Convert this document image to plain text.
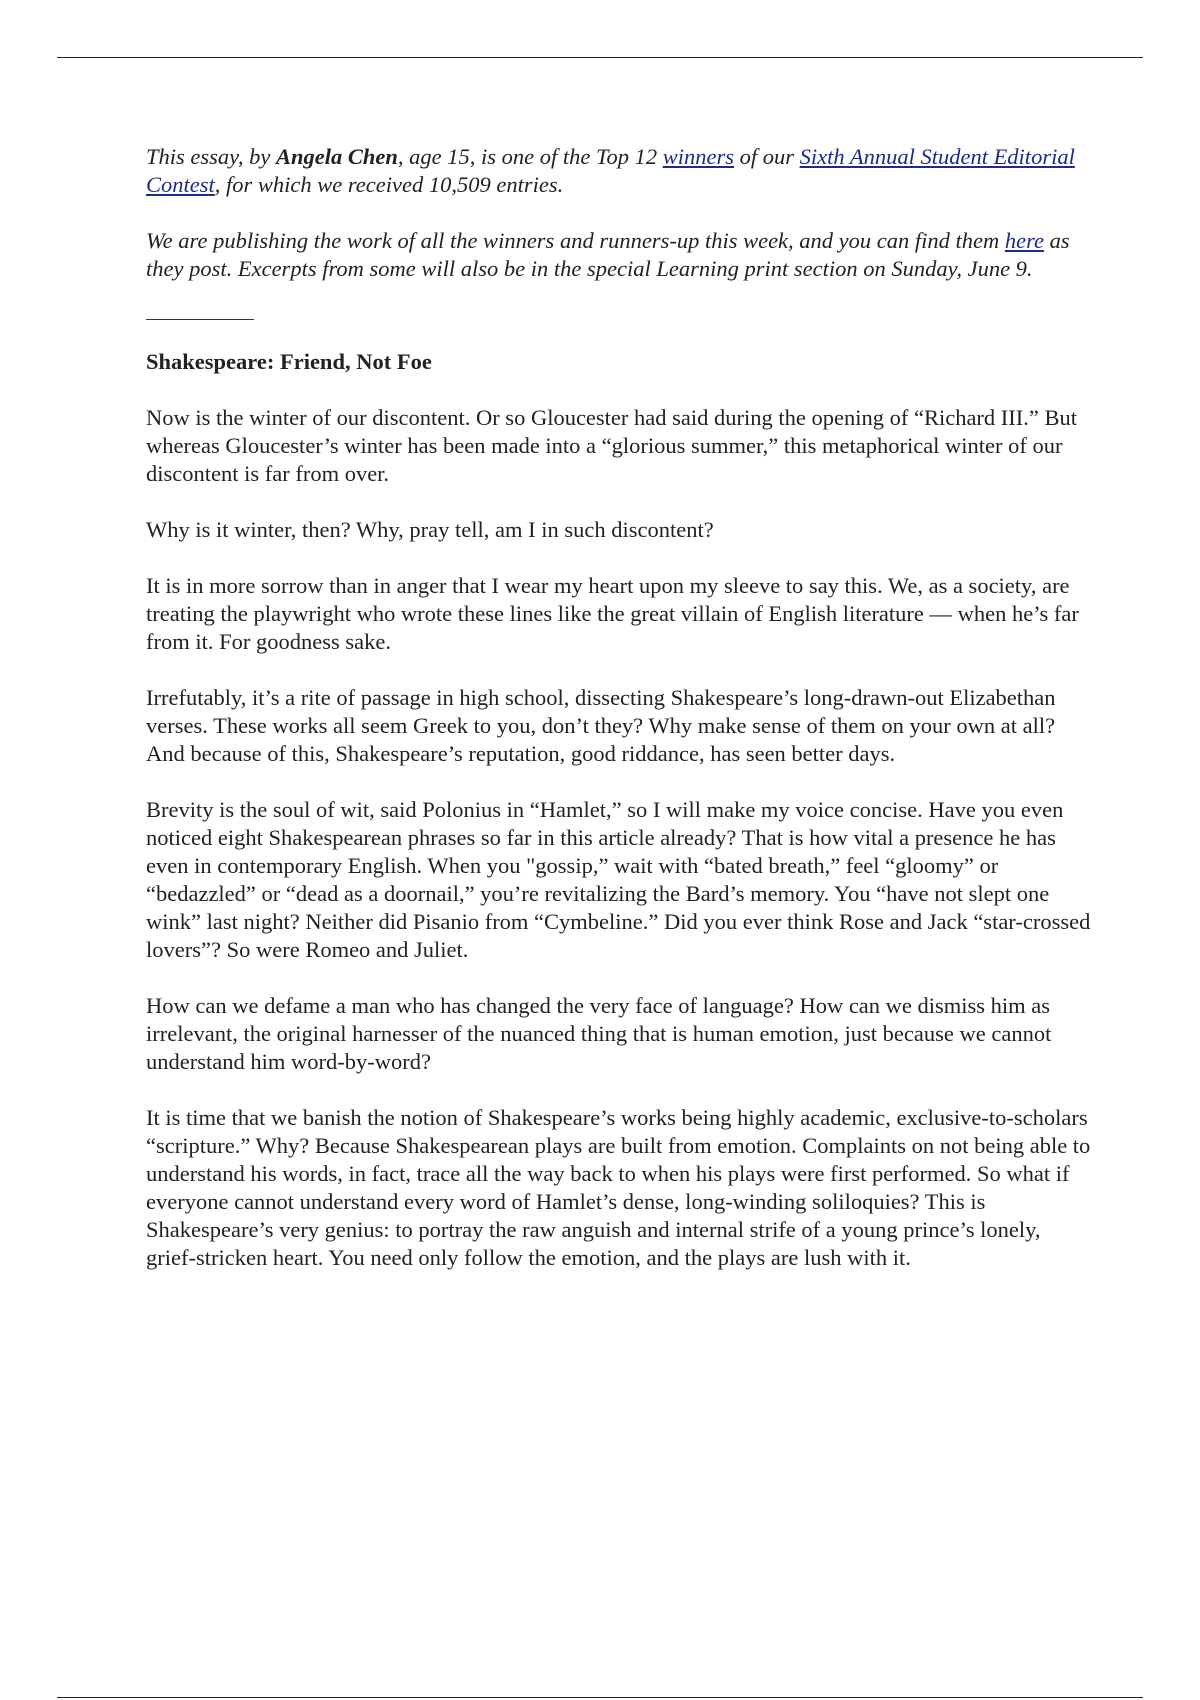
This essay, by Angela Chen, age 15, is one of the Top 12 winners of our Sixth Annual Student Editorial Contest, for which we received 10,509 entries.

We are publishing the work of all the winners and runners-up this week, and you can find them here as they post. Excerpts from some will also be in the special Learning print section on Sunday, June 9.

Shakespeare: Friend, Not Foe

Now is the winter of our discontent. Or so Gloucester had said during the opening of “Richard III.” But whereas Gloucester’s winter has been made into a “glorious summer,” this metaphorical winter of our discontent is far from over.

Why is it winter, then? Why, pray tell, am I in such discontent?

It is in more sorrow than in anger that I wear my heart upon my sleeve to say this. We, as a society, are treating the playwright who wrote these lines like the great villain of English literature — when he’s far from it. For goodness sake.

Irrefutably, it’s a rite of passage in high school, dissecting Shakespeare’s long-drawn-out Elizabethan verses. These works all seem Greek to you, don’t they? Why make sense of them on your own at all? And because of this, Shakespeare’s reputation, good riddance, has seen better days.

Brevity is the soul of wit, said Polonius in “Hamlet,” so I will make my voice concise. Have you even noticed eight Shakespearean phrases so far in this article already? That is how vital a presence he has even in contemporary English. When you "gossip,” wait with “bated breath,” feel “gloomy” or “bedazzled” or “dead as a doornail,” you’re revitalizing the Bard’s memory. You “have not slept one wink” last night? Neither did Pisanio from “Cymbeline.” Did you ever think Rose and Jack “star-crossed lovers”? So were Romeo and Juliet.

How can we defame a man who has changed the very face of language? How can we dismiss him as irrelevant, the original harnesser of the nuanced thing that is human emotion, just because we cannot understand him word-by-word?

It is time that we banish the notion of Shakespeare’s works being highly academic, exclusive-to-scholars “scripture.” Why? Because Shakespearean plays are built from emotion. Complaints on not being able to understand his words, in fact, trace all the way back to when his plays were first performed. So what if everyone cannot understand every word of Hamlet’s dense, long-winding soliloquies? This is Shakespeare’s very genius: to portray the raw anguish and internal strife of a young prince’s lonely, grief-stricken heart. You need only follow the emotion, and the plays are lush with it.
